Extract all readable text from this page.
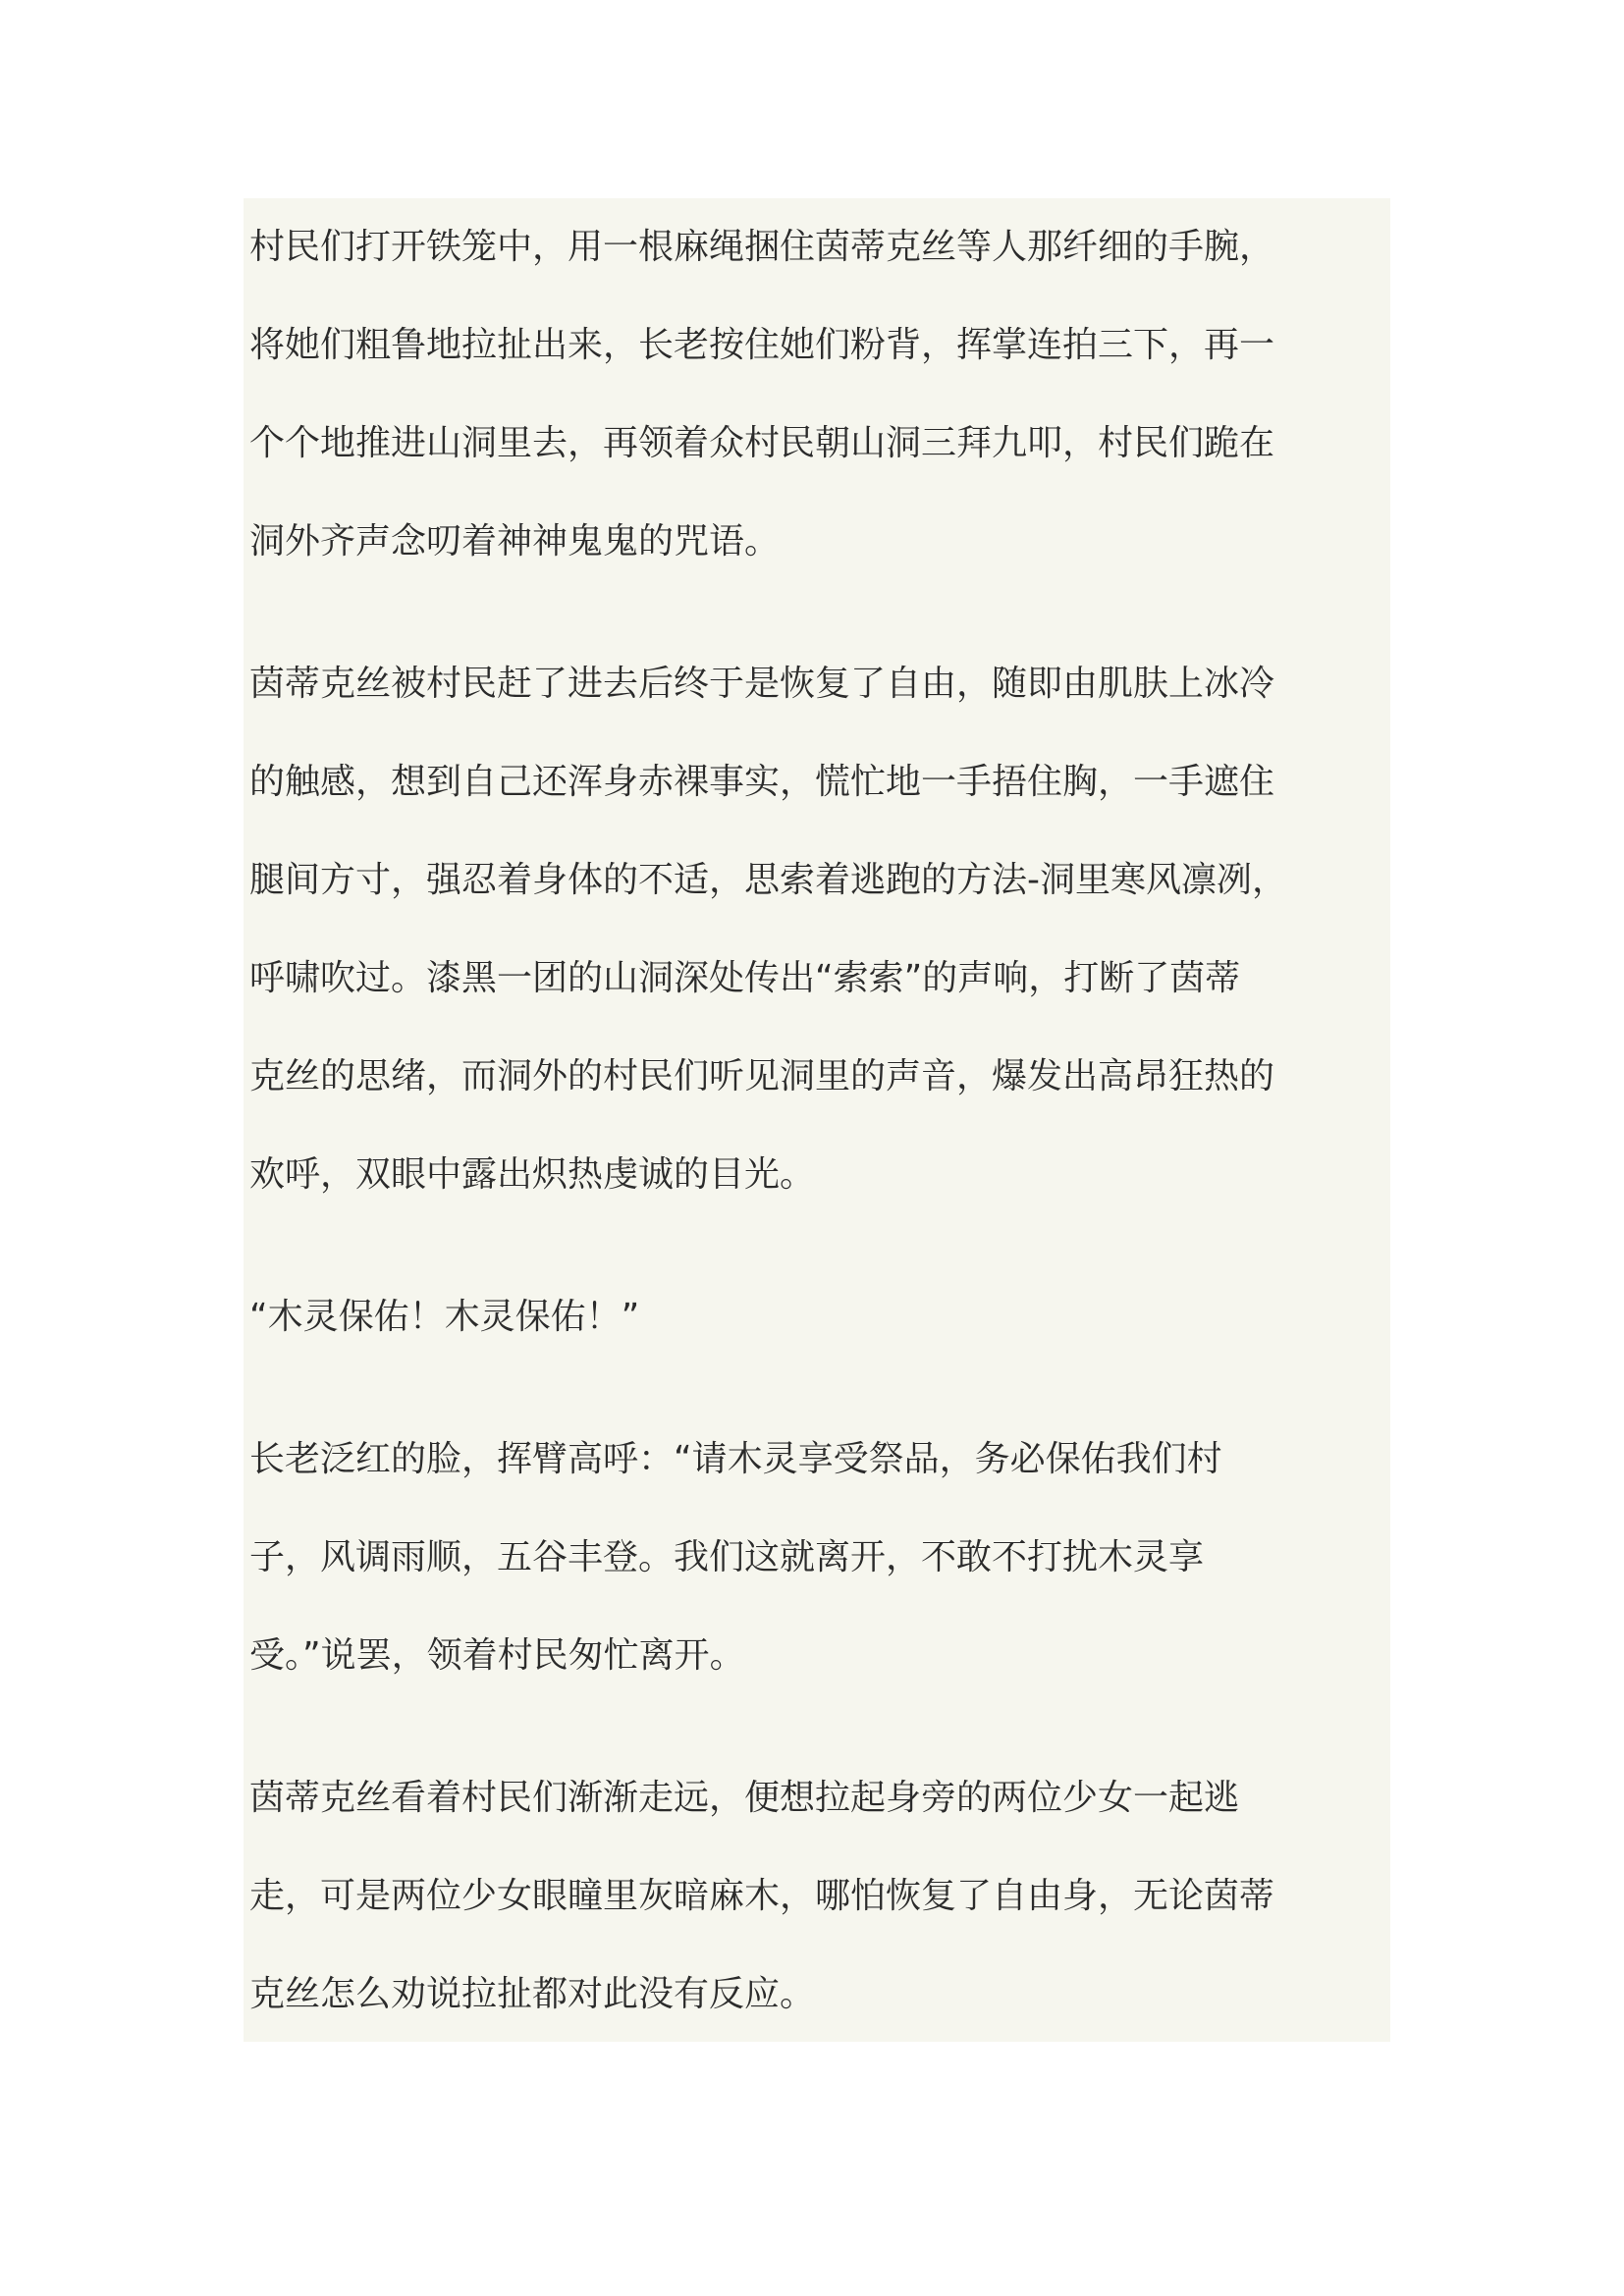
村民们打开铁笼中，用一根麻绳捆住茵蒂克丝等人那纤细的手腕，
将她们粗鲁地拉扯出来，长老按住她们粉背，挥掌连拍三下，再一
个个地推进山洞里去，再领着众村民朝山洞三拜九叩，村民们跪在
洞外齐声念叨着神神鬼鬼的咒语。
茵蒂克丝被村民赶了进去后终于是恢复了自由，随即由肌肤上冰冷
的触感，想到自己还浑身赤裸事实，慌忙地一手捂住胸，一手遮住
腿间方寸，强忍着身体的不适，思索着逃跑的方法-洞里寒风凛冽，
呼啸吹过。漆黑一团的山洞深处传出“索索”的声响，打断了茵蒂
克丝的思绪，而洞外的村民们听见洞里的声音，爆发出高昂狂热的
欢呼，双眼中露出炽热虔诚的目光。
“木灵保佑！木灵保佑！”
长老泛红的脸，挥臂高呼：“请木灵享受祭品，务必保佑我们村
子，风调雨顺，五谷丰登。我们这就离开，不敢不打扰木灵享
受。”说罢，领着村民匆忙离开。
茵蒂克丝看着村民们渐渐走远，便想拉起身旁的两位少女一起逃
走，可是两位少女眼瞳里灰暗麻木，哪怕恢复了自由身，无论茵蒂
克丝怎么劝说拉扯都对此没有反应。
